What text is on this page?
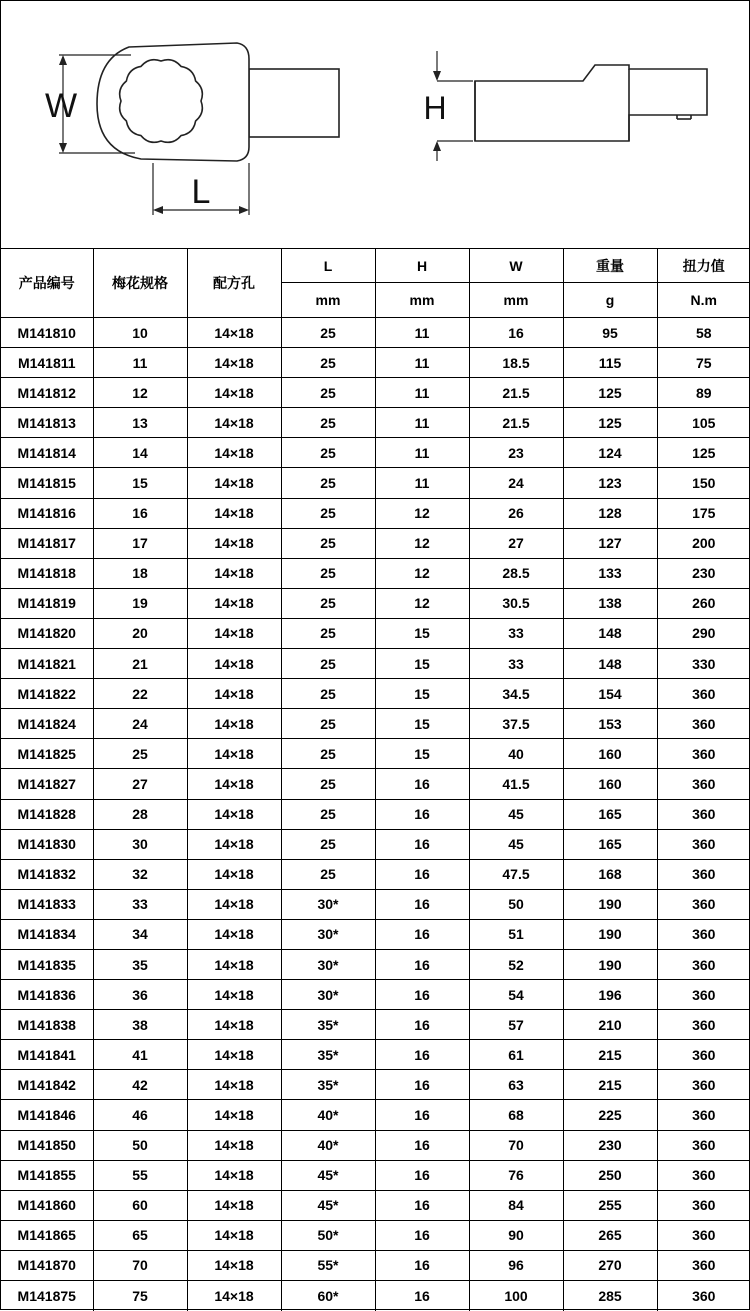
W
L
H
产品编号	梅花规格	配方孔	L	H	W	重量	扭力值
			mm	mm	mm	g	N.m
M141810	10	14×18	25	11	16	95	58
M141811	11	14×18	25	11	18.5	115	75
M141812	12	14×18	25	11	21.5	125	89
M141813	13	14×18	25	11	21.5	125	105
M141814	14	14×18	25	11	23	124	125
M141815	15	14×18	25	11	24	123	150
M141816	16	14×18	25	12	26	128	175
M141817	17	14×18	25	12	27	127	200
M141818	18	14×18	25	12	28.5	133	230
M141819	19	14×18	25	12	30.5	138	260
M141820	20	14×18	25	15	33	148	290
M141821	21	14×18	25	15	33	148	330
M141822	22	14×18	25	15	34.5	154	360
M141824	24	14×18	25	15	37.5	153	360
M141825	25	14×18	25	15	40	160	360
M141827	27	14×18	25	16	41.5	160	360
M141828	28	14×18	25	16	45	165	360
M141830	30	14×18	25	16	45	165	360
M141832	32	14×18	25	16	47.5	168	360
M141833	33	14×18	30*	16	50	190	360
M141834	34	14×18	30*	16	51	190	360
M141835	35	14×18	30*	16	52	190	360
M141836	36	14×18	30*	16	54	196	360
M141838	38	14×18	35*	16	57	210	360
M141841	41	14×18	35*	16	61	215	360
M141842	42	14×18	35*	16	63	215	360
M141846	46	14×18	40*	16	68	225	360
M141850	50	14×18	40*	16	70	230	360
M141855	55	14×18	45*	16	76	250	360
M141860	60	14×18	45*	16	84	255	360
M141865	65	14×18	50*	16	90	265	360
M141870	70	14×18	55*	16	96	270	360
M141875	75	14×18	60*	16	100	285	360
